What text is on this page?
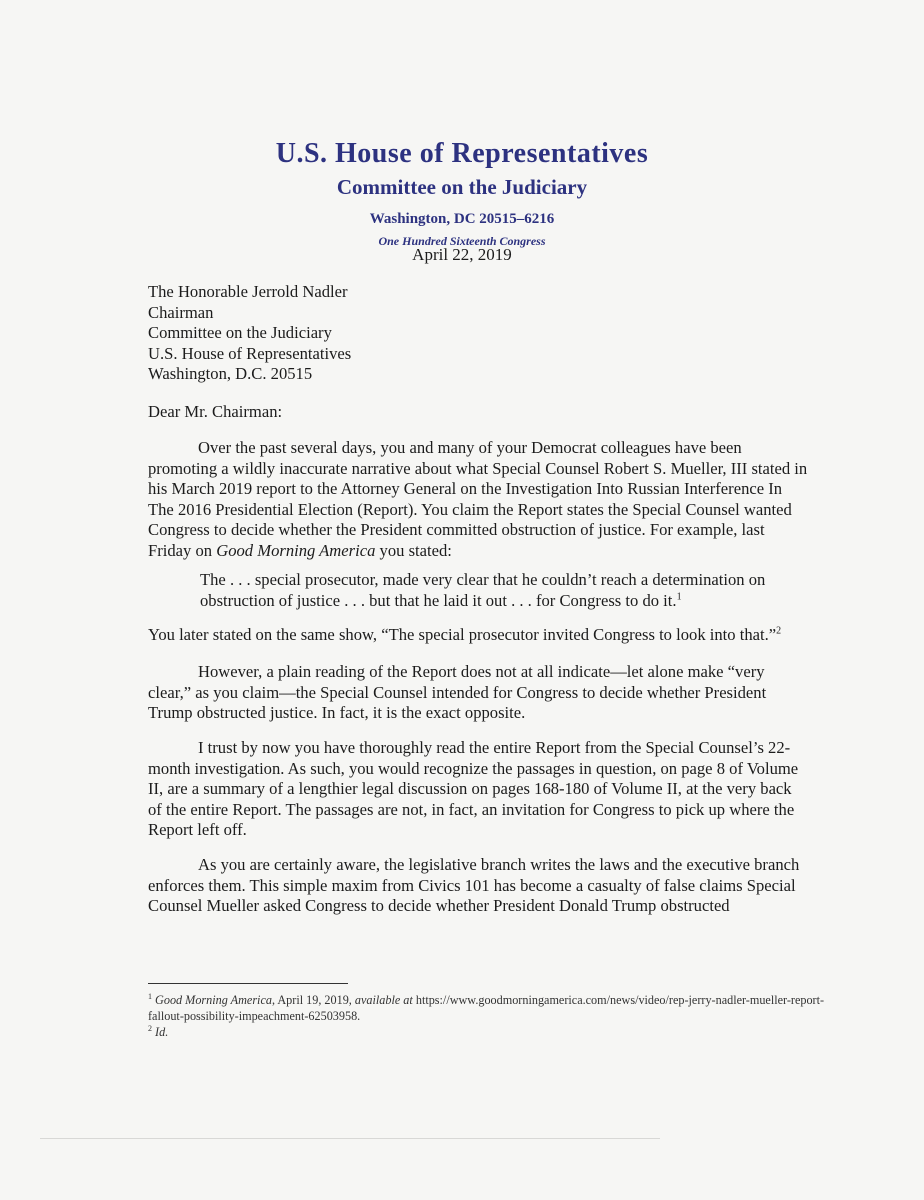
U.S. House of Representatives
Committee on the Judiciary
Washington, DC 20515–6216
One Hundred Sixteenth Congress
April 22, 2019
The Honorable Jerrold Nadler
Chairman
Committee on the Judiciary
U.S. House of Representatives
Washington, D.C. 20515
Dear Mr. Chairman:
Over the past several days, you and many of your Democrat colleagues have been promoting a wildly inaccurate narrative about what Special Counsel Robert S. Mueller, III stated in his March 2019 report to the Attorney General on the Investigation Into Russian Interference In The 2016 Presidential Election (Report). You claim the Report states the Special Counsel wanted Congress to decide whether the President committed obstruction of justice. For example, last Friday on Good Morning America you stated:
The . . . special prosecutor, made very clear that he couldn’t reach a determination on obstruction of justice . . . but that he laid it out . . . for Congress to do it.$^1$
You later stated on the same show, “The special prosecutor invited Congress to look into that.”$^2$
However, a plain reading of the Report does not at all indicate—let alone make “very clear,” as you claim—the Special Counsel intended for Congress to decide whether President Trump obstructed justice. In fact, it is the exact opposite.
I trust by now you have thoroughly read the entire Report from the Special Counsel’s 22-month investigation. As such, you would recognize the passages in question, on page 8 of Volume II, are a summary of a lengthier legal discussion on pages 168-180 of Volume II, at the very back of the entire Report. The passages are not, in fact, an invitation for Congress to pick up where the Report left off.
As you are certainly aware, the legislative branch writes the laws and the executive branch enforces them. This simple maxim from Civics 101 has become a casualty of false claims Special Counsel Mueller asked Congress to decide whether President Donald Trump obstructed
$^1$ Good Morning America, April 19, 2019, available at https://www.goodmorningamerica.com/news/video/rep-jerry-nadler-mueller-report-fallout-possibility-impeachment-62503958.
$^2$ Id.
